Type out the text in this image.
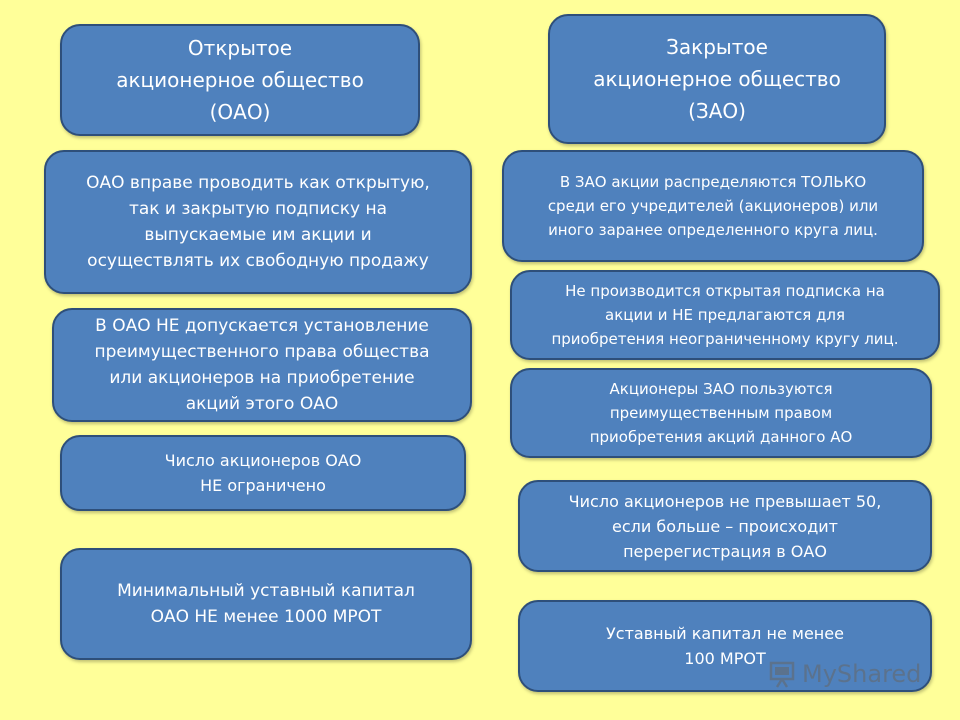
Открытое
акционерное общество
(ОАО)
ОАО вправе проводить как открытую,
так и закрытую подписку на
выпускаемые им акции и
осуществлять их свободную продажу
В ОАО НЕ допускается установление
преимущественного права общества
или акционеров на приобретение
акций этого ОАО
Число акционеров ОАО
НЕ ограничено
Минимальный уставный капитал
ОАО НЕ менее 1000 МРОТ
Закрытое
акционерное общество
(ЗАО)
В ЗАО акции распределяются ТОЛЬКО
среди его учредителей (акционеров) или
иного заранее определенного круга лиц.
Не производится открытая подписка на
акции и НЕ предлагаются для
приобретения неограниченному кругу лиц.
Акционеры ЗАО пользуются
преимущественным правом
приобретения акций данного АО
Число акционеров не превышает 50,
если больше – происходит
перерегистрация в ОАО
Уставный капитал не менее
100 МРОТ
MyShared
